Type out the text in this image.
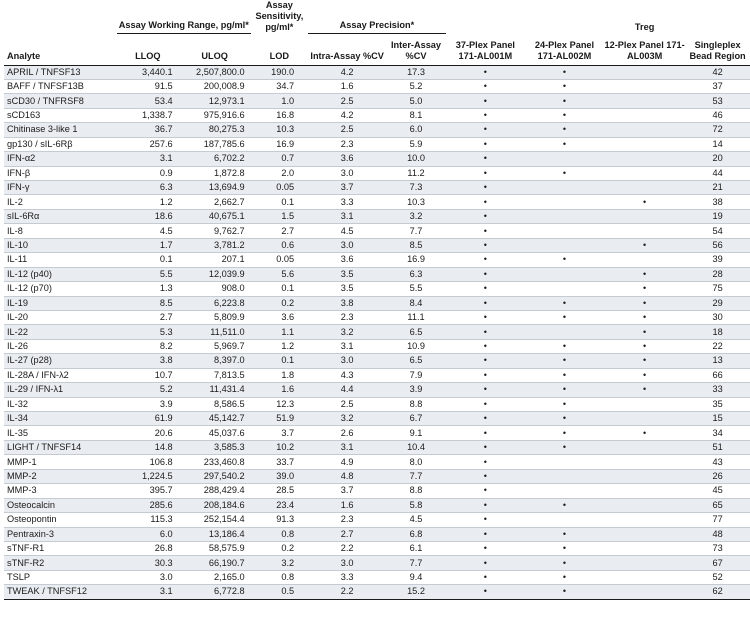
	Assay Working Range, pg/ml*		Assay Sensitivity, pg/ml*	Assay Precision*				Treg	
Analyte	LLOQ	ULOQ	LOD	Intra-Assay %CV	Inter-Assay %CV	37-Plex Panel 171-AL001M	24-Plex Panel 171-AL002M	12-Plex Panel 171-AL003M	Singleplex Bead Region
APRIL / TNFSF13	3,440.1	2,507,800.0	190.0	4.2	17.3	•	•		42
BAFF / TNFSF13B	91.5	200,008.9	34.7	1.6	5.2	•	•		37
sCD30 / TNFRSF8	53.4	12,973.1	1.0	2.5	5.0	•	•		53
sCD163	1,338.7	975,916.6	16.8	4.2	8.1	•	•		46
Chitinase 3-like 1	36.7	80,275.3	10.3	2.5	6.0	•	•		72
gp130 / sIL-6Rβ	257.6	187,785.6	16.9	2.3	5.9	•	•		14
IFN-α2	3.1	6,702.2	0.7	3.6	10.0	•			20
IFN-β	0.9	1,872.8	2.0	3.0	11.2	•	•		44
IFN-γ	6.3	13,694.9	0.05	3.7	7.3	•			21
IL-2	1.2	2,662.7	0.1	3.3	10.3	•		•	38
sIL-6Rα	18.6	40,675.1	1.5	3.1	3.2	•			19
IL-8	4.5	9,762.7	2.7	4.5	7.7	•			54
IL-10	1.7	3,781.2	0.6	3.0	8.5	•		•	56
IL-11	0.1	207.1	0.05	3.6	16.9	•	•		39
IL-12 (p40)	5.5	12,039.9	5.6	3.5	6.3	•		•	28
IL-12 (p70)	1.3	908.0	0.1	3.5	5.5	•		•	75
IL-19	8.5	6,223.8	0.2	3.8	8.4	•	•	•	29
IL-20	2.7	5,809.9	3.6	2.3	11.1	•	•	•	30
IL-22	5.3	11,511.0	1.1	3.2	6.5	•		•	18
IL-26	8.2	5,969.7	1.2	3.1	10.9	•	•	•	22
IL-27 (p28)	3.8	8,397.0	0.1	3.0	6.5	•	•	•	13
IL-28A / IFN-λ2	10.7	7,813.5	1.8	4.3	7.9	•	•	•	66
IL-29 / IFN-λ1	5.2	11,431.4	1.6	4.4	3.9	•	•	•	33
IL-32	3.9	8,586.5	12.3	2.5	8.8	•	•		35
IL-34	61.9	45,142.7	51.9	3.2	6.7	•	•		15
IL-35	20.6	45,037.6	3.7	2.6	9.1	•	•	•	34
LIGHT / TNFSF14	14.8	3,585.3	10.2	3.1	10.4	•	•		51
MMP-1	106.8	233,460.8	33.7	4.9	8.0	•			43
MMP-2	1,224.5	297,540.2	39.0	4.8	7.7	•			26
MMP-3	395.7	288,429.4	28.5	3.7	8.8	•			45
Osteocalcin	285.6	208,184.6	23.4	1.6	5.8	•	•		65
Osteopontin	115.3	252,154.4	91.3	2.3	4.5	•			77
Pentraxin-3	6.0	13,186.4	0.8	2.7	6.8	•	•		48
sTNF-R1	26.8	58,575.9	0.2	2.2	6.1	•	•		73
sTNF-R2	30.3	66,190.7	3.2	3.0	7.7	•	•		67
TSLP	3.0	2,165.0	0.8	3.3	9.4	•	•		52
TWEAK / TNFSF12	3.1	6,772.8	0.5	2.2	15.2	•	•		62
